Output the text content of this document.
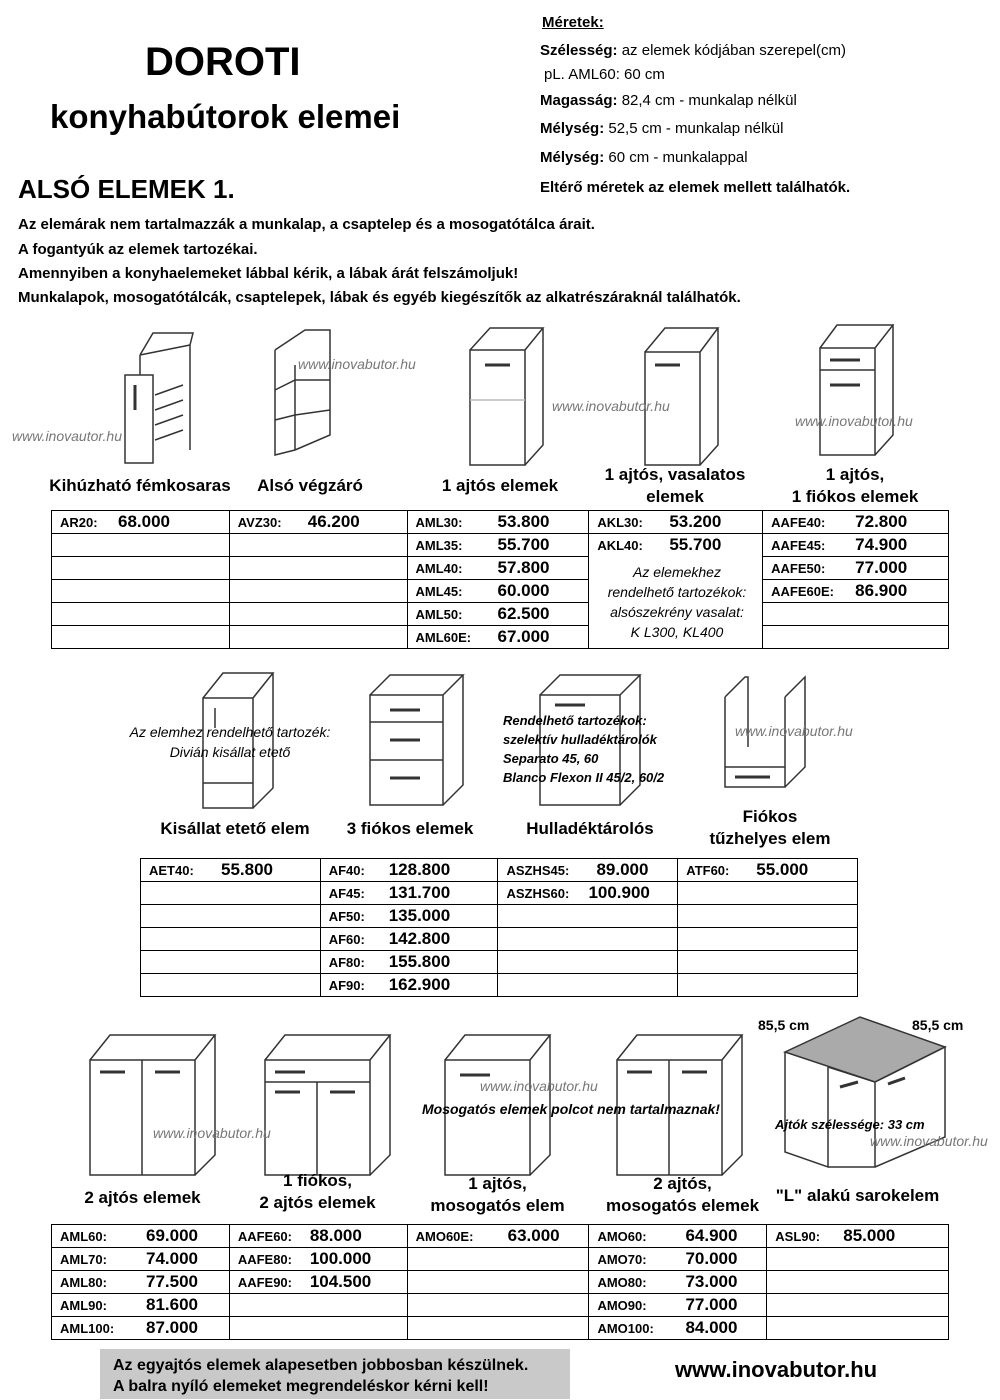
DOROTI
konyhabútorok elemei
ALSÓ ELEMEK 1.
Méretek:
Szélesség: az elemek kódjában szerepel(cm)
pL. AML60: 60 cm
Magasság: 82,4 cm - munkalap nélkül
Mélység: 52,5 cm - munkalap nélkül
Mélység: 60 cm - munkalappal
Eltérő méretek az elemek mellett találhatók.
Az elemárak nem tartalmazzák a munkalap, a csaptelep és a mosogatótálca árait.
A fogantyúk az elemek tartozékai.
Amennyiben a konyhaelemeket lábbal kérik, a lábak árát felszámoljuk!
Munkalapok, mosogatótálcák, csaptelepek, lábak és egyéb kiegészítők az alkatrészáraknál találhatók.
www.inovautor.hu
www.inovabutor.hu
www.inovabutor.hu
www.inovabutor.hu
Kihúzható fémkosaras	Alsó végzáró	1 ajtós elemek
1 ajtós, vasalatos
elemek
1 ajtós,
1 fiókos elemek
AR20: 68.000	AVZ30: 46.200	AML30: 53.800	AKL30: 53.200	AAFE40: 72.800
		AML35: 55.700	AKL40: 55.700	AAFE45: 74.900
		AML40: 57.800		AAFE50: 77.000
		AML45: 60.000		AAFE60E: 86.900
		AML50: 62.500		
		AML60E: 67.000		
Az elemekhez
rendelhető tartozékok:
alsószekrény vasalat:
K L300, KL400
Az elemhez rendelhető tartozék:
Divián kisállat etető
Rendelhető tartozékok:
szelektív hulladéktárolók
Separato 45, 60
Blanco Flexon II 45/2, 60/2
www.inovabutor.hu
Kisállat etető elem	3 fiókos elemek	Hulladéktárolós
Fiókos
tűzhelyes elem
AET40: 55.800	AF40: 128.800	ASZHS45: 89.000	ATF60: 55.000
	AF45: 131.700	ASZHS60: 100.900	
	AF50: 135.000		
	AF60: 142.800		
	AF80: 155.800		
	AF90: 162.900		
85,5 cm	85,5 cm
www.inovabutor.hu
www.inovabutor.hu
www.inovabutor.hu
Mosogatós elemek polcot nem tartalmaznak!
Ajtók szélessége: 33 cm
2 ajtós elemek
1 fiókos,
2 ajtós elemek
1 ajtós,
mosogatós elem
2 ajtós,
mosogatós elemek
"L" alakú sarokelem
AML60: 69.000	AAFE60: 88.000	AMO60E: 63.000	AMO60: 64.900	ASL90: 85.000
AML70: 74.000	AAFE80: 100.000		AMO70: 70.000	
AML80: 77.500	AAFE90: 104.500		AMO80: 73.000	
AML90: 81.600			AMO90: 77.000	
AML100: 87.000			AMO100: 84.000	
Az egyajtós elemek alapesetben jobbosban készülnek.
A balra nyíló elemeket megrendeléskor kérni kell!
www.inovabutor.hu
